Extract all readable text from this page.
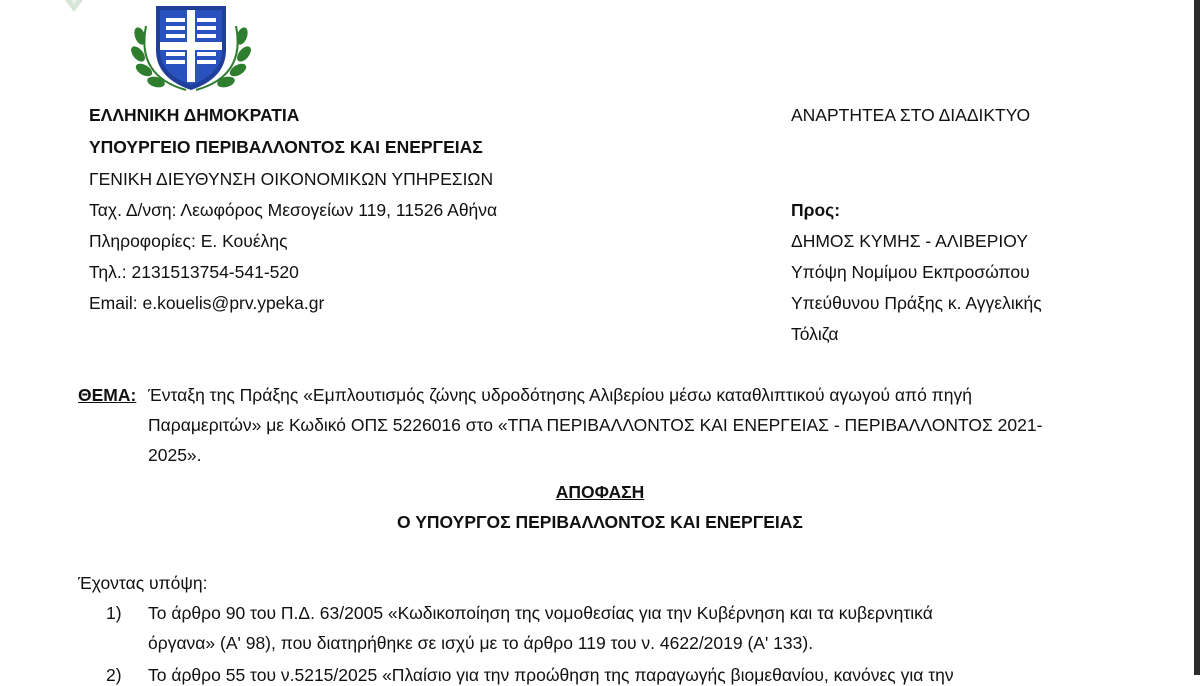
ΕΛΛΗΝΙΚΗ ΔΗΜΟΚΡΑΤΙΑ
ΥΠΟΥΡΓΕΙΟ ΠΕΡΙΒΑΛΛΟΝΤΟΣ ΚΑΙ ΕΝΕΡΓΕΙΑΣ
ΓΕΝΙΚΗ ΔΙΕΥΘΥΝΣΗ ΟΙΚΟΝΟΜΙΚΩΝ ΥΠΗΡΕΣΙΩΝ
Ταχ. Δ/νση: Λεωφόρος Μεσογείων 119, 11526 Αθήνα
Πληροφορίες: Ε. Κουέλης
Τηλ.: 2131513754-541-520
Email: e.kouelis@prv.ypeka.gr
ΑΝΑΡΤΗΤΕΑ ΣΤΟ ΔΙΑΔΙΚΤΥΟ
Προς:
ΔΗΜΟΣ ΚΥΜΗΣ - ΑΛΙΒΕΡΙΟΥ
Υπόψη Νομίμου Εκπροσώπου
Υπεύθυνου Πράξης κ. Αγγελικής
Τόλιζα
ΘΕΜΑ: Ένταξη της Πράξης «Εμπλουτισμός ζώνης υδροδότησης Αλιβερίου μέσω καταθλιπτικού αγωγού από πηγή
Παραμεριτών» με Κωδικό ΟΠΣ 5226016 στο «ΤΠΑ ΠΕΡΙΒΑΛΛΟΝΤΟΣ ΚΑΙ ΕΝΕΡΓΕΙΑΣ - ΠΕΡΙΒΑΛΛΟΝΤΟΣ 2021-
2025».
ΑΠΟΦΑΣΗ
Ο ΥΠΟΥΡΓΟΣ ΠΕΡΙΒΑΛΛΟΝΤΟΣ ΚΑΙ ΕΝΕΡΓΕΙΑΣ
Έχοντας υπόψη:
1) Το άρθρο 90 του Π.Δ. 63/2005 «Κωδικοποίηση της νομοθεσίας για την Κυβέρνηση και τα κυβερνητικά
όργανα» (Α' 98), που διατηρήθηκε σε ισχύ με το άρθρο 119 του ν. 4622/2019 (Α' 133).
2) Το άρθρο 55 του ν.5215/2025 «Πλαίσιο για την προώθηση της παραγωγής βιομεθανίου, κανόνες για την
